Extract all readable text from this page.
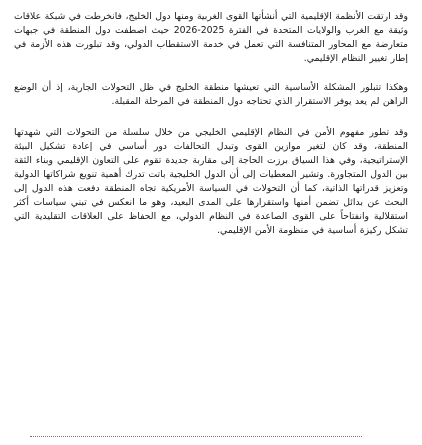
وقد ارتقت الأنظمة الإقليمية التي أنشأتها القوى الغربية ومنها دول الخليج، فانخرطت في شبكة علاقات وثيقة مع الغرب والولايات المتحدة في الفترة 2025-2026 حيث اصطفت دول المنطقة في جبهات متعارضة مع المحاور المتنافسة التي تعمل في خدمة الاستقطاب الدولي، وقد تبلورت هذه الأزمة في إطار تغيير النظام الإقليمي.

وهكذا تتبلور المشكلة الأساسية التي تعيشها منطقة الخليج في ظل التحولات الجارية، إذ أن الوضع الراهن لم يعد يوفر الاستقرار الذي تحتاجه دول المنطقة في المرحلة المقبلة.

وقد تطور مفهوم الأمن في النظام الإقليمي الخليجي من خلال سلسلة من التحولات التي شهدتها المنطقة، وقد كان لتغير موازين القوى وتبدل التحالفات دور أساسي في إعادة تشكيل البيئة الإستراتيجية، وفي هذا السياق برزت الحاجة إلى مقاربة جديدة تقوم على التعاون الإقليمي وبناء الثقة بين الدول المتجاورة. وتشير المعطيات إلى أن الدول الخليجية باتت تدرك أهمية تنويع شراكاتها الدولية وتعزيز قدراتها الذاتية، كما أن التحولات في السياسة الأمريكية تجاه المنطقة دفعت هذه الدول إلى البحث عن بدائل تضمن أمنها واستقرارها على المدى البعيد، وهو ما انعكس في تبني سياسات أكثر استقلالية وانفتاحاً على القوى الصاعدة في النظام الدولي، مع الحفاظ على العلاقات التقليدية التي تشكل ركيزة أساسية في منظومة الأمن الإقليمي.
